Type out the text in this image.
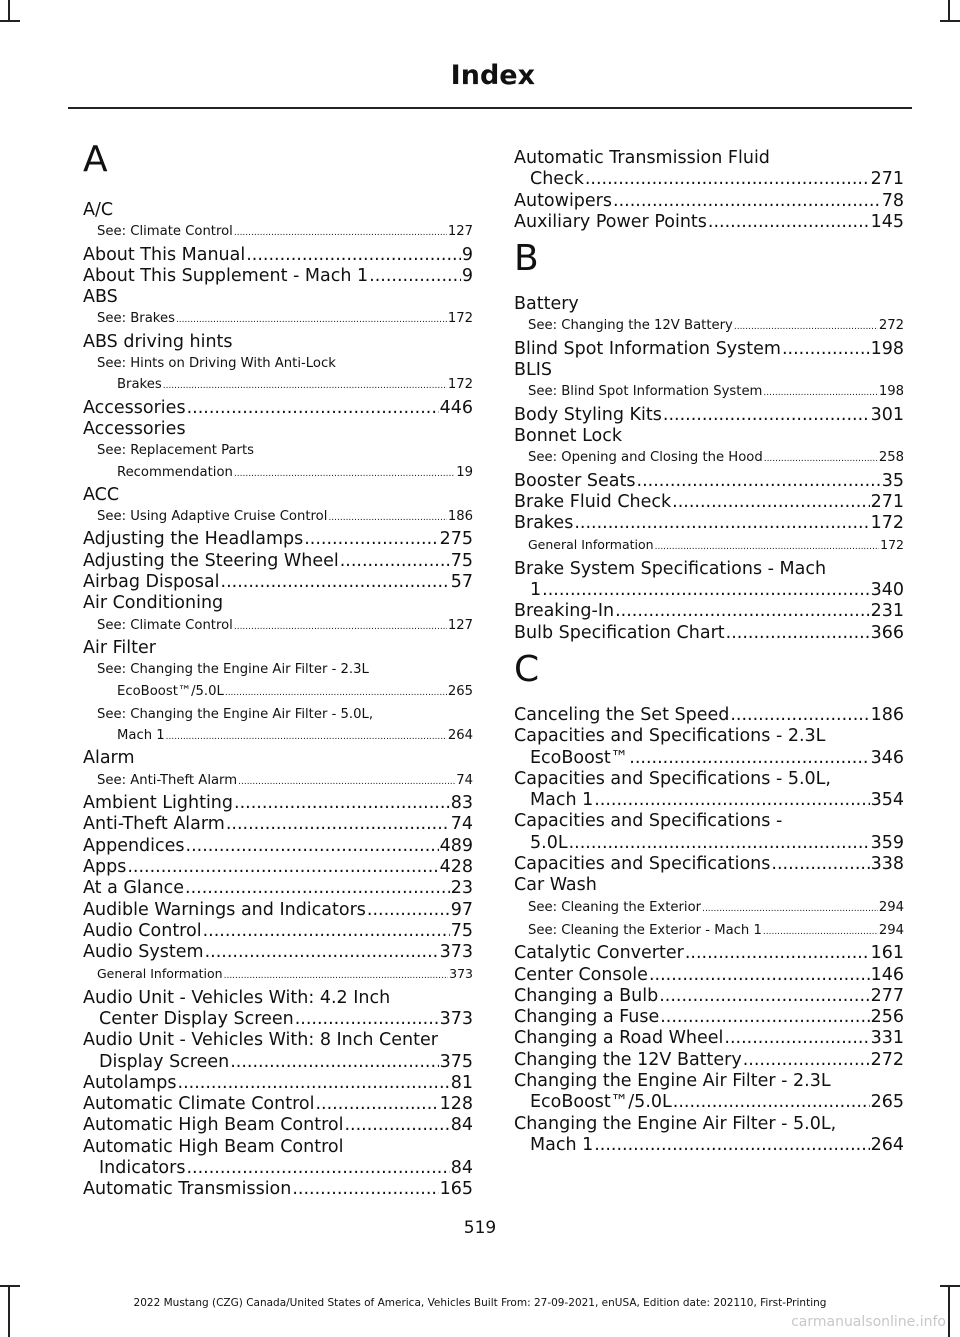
Index
A
A/C
See: Climate Control .....	127
About This Manual .....	9
About This Supplement - Mach 1 .....	9
ABS
See: Brakes .....	172
ABS driving hints
See: Hints on Driving With Anti-Lock
Brakes .....	172
Accessories .....	446
Accessories
See: Replacement Parts
Recommendation .....	19
ACC
See: Using Adaptive Cruise Control .....	186
Adjusting the Headlamps .....	275
Adjusting the Steering Wheel .....	75
Airbag Disposal .....	57
Air Conditioning
See: Climate Control .....	127
Air Filter
See: Changing the Engine Air Filter - 2.3L
EcoBoost™/5.0L .....	265
See: Changing the Engine Air Filter - 5.0L,
Mach 1 .....	264
Alarm
See: Anti-Theft Alarm .....	74
Ambient Lighting .....	83
Anti-Theft Alarm .....	74
Appendices .....	489
Apps .....	428
At a Glance .....	23
Audible Warnings and Indicators .....	97
Audio Control .....	75
Audio System .....	373
General Information .....	373
Audio Unit - Vehicles With: 4.2 Inch
Center Display Screen .....	373
Audio Unit - Vehicles With: 8 Inch Center
Display Screen .....	375
Autolamps .....	81
Automatic Climate Control .....	128
Automatic High Beam Control .....	84
Automatic High Beam Control
Indicators .....	84
Automatic Transmission .....	165
Automatic Transmission Fluid
Check .....	271
Autowipers .....	78
Auxiliary Power Points .....	145
B
Battery
See: Changing the 12V Battery .....	272
Blind Spot Information System .....	198
BLIS
See: Blind Spot Information System .....	198
Body Styling Kits .....	301
Bonnet Lock
See: Opening and Closing the Hood .....	258
Booster Seats .....	35
Brake Fluid Check .....	271
Brakes .....	172
General Information .....	172
Brake System Specifications - Mach
1 .....	340
Breaking-In .....	231
Bulb Specification Chart .....	366
C
Canceling the Set Speed .....	186
Capacities and Specifications - 2.3L
EcoBoost™ .....	346
Capacities and Specifications - 5.0L,
Mach 1 .....	354
Capacities and Specifications -
5.0L .....	359
Capacities and Specifications .....	338
Car Wash
See: Cleaning the Exterior .....	294
See: Cleaning the Exterior - Mach 1 .....	294
Catalytic Converter .....	161
Center Console .....	146
Changing a Bulb .....	277
Changing a Fuse .....	256
Changing a Road Wheel .....	331
Changing the 12V Battery .....	272
Changing the Engine Air Filter - 2.3L
EcoBoost™/5.0L .....	265
Changing the Engine Air Filter - 5.0L,
Mach 1 .....	264
519
2022 Mustang (CZG) Canada/United States of America, Vehicles Built From: 27-09-2021, enUSA, Edition date: 202110, First-Printing
carmanualsonline.info
